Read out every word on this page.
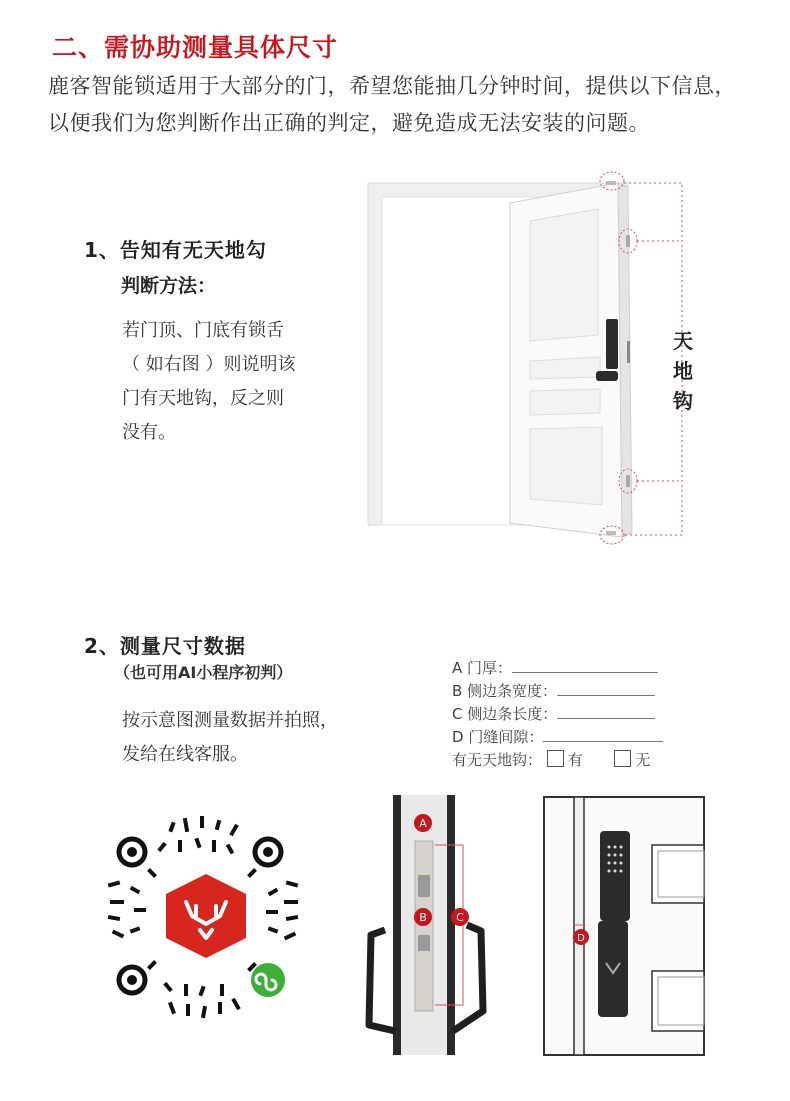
二、需协助测量具体尺寸
鹿客智能锁适用于大部分的门，希望您能抽几分钟时间，提供以下信息，以便我们为您判断作出正确的判定，避免造成无法安装的问题。
1、告知有无天地勾
判断方法：
若门顶、门底有锁舌
（ 如右图 ）则说明该
门有天地钩，反之则
没有。
天
地
钩
2、测量尺寸数据
（也可用AI小程序初判）
按示意图测量数据并拍照，
发给在线客服。
A 门厚：
B 侧边条宽度：
C 侧边条长度：
D 门缝间隙：
有无天地钩： 有	无
A
B	C
D
